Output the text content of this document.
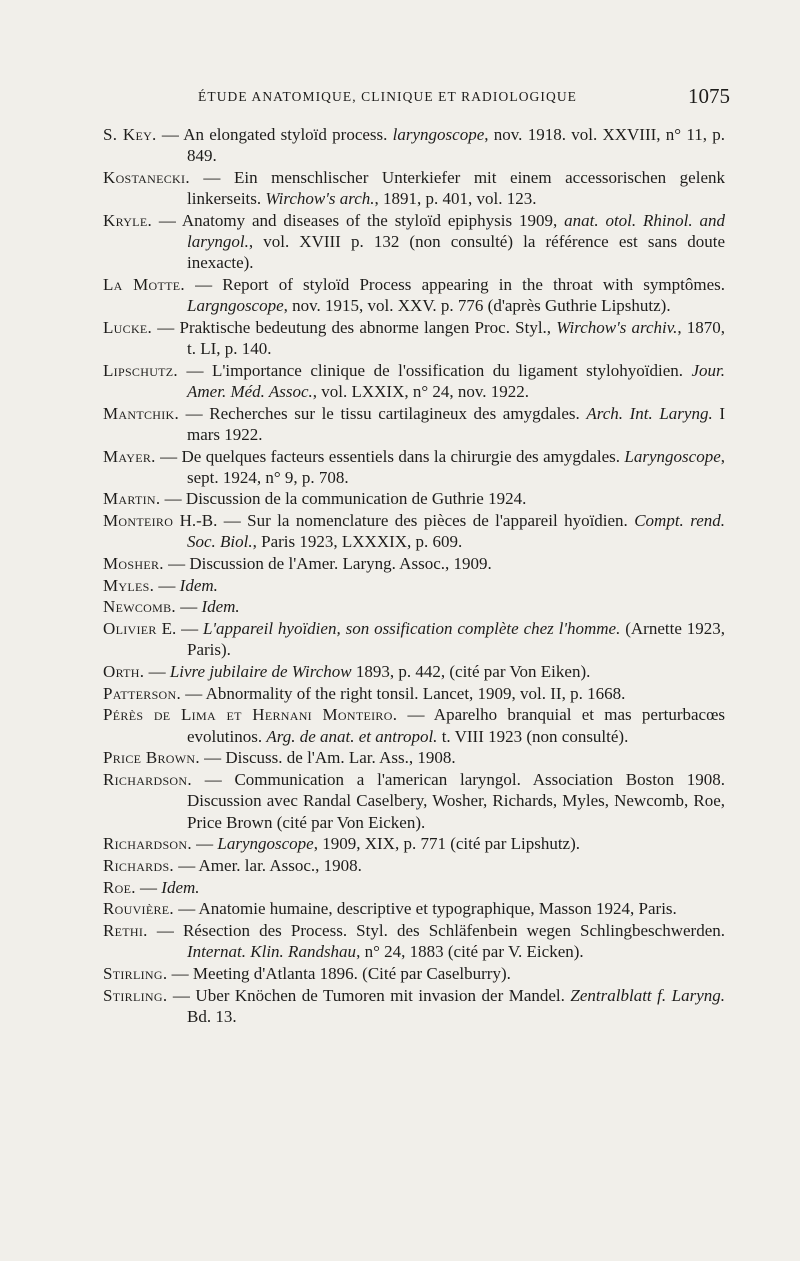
ÉTUDE ANATOMIQUE, CLINIQUE ET RADIOLOGIQUE	1075

S. Key. — An elongated styloïd process. laryngoscope, nov. 1918. vol. XXVIII, n° 11, p. 849.

Kostanecki. — Ein menschlischer Unterkiefer mit einem accessorischen gelenk linkerseits. Wirchow's arch., 1891, p. 401, vol. 123.

Kryle. — Anatomy and diseases of the styloïd epiphysis 1909, anat. otol. Rhinol. and laryngol., vol. XVIII p. 132 (non consulté) la référence est sans doute inexacte).

La Motte. — Report of styloïd Process appearing in the throat with symptômes. Largngoscope, nov. 1915, vol. XXV. p. 776 (d'après Guthrie Lipshutz).

Lucke. — Praktische bedeutung des abnorme langen Proc. Styl., Wirchow's archiv., 1870, t. LI, p. 140.

Lipschutz. — L'importance clinique de l'ossification du ligament stylohyoïdien. Jour. Amer. Méd. Assoc., vol. LXXIX, n° 24, nov. 1922.

Mantchik. — Recherches sur le tissu cartilagineux des amygdales. Arch. Int. Laryng. I mars 1922.

Mayer. — De quelques facteurs essentiels dans la chirurgie des amygdales. Laryngoscope, sept. 1924, n° 9, p. 708.

Martin. — Discussion de la communication de Guthrie 1924.

Monteiro H.-B. — Sur la nomenclature des pièces de l'appareil hyoïdien. Compt. rend. Soc. Biol., Paris 1923, LXXXIX, p. 609.

Mosher. — Discussion de l'Amer. Laryng. Assoc., 1909.

Myles. — Idem.

Newcomb. — Idem.

Olivier E. — L'appareil hyoïdien, son ossification complète chez l'homme. (Arnette 1923, Paris).

Orth. — Livre jubilaire de Wirchow 1893, p. 442, (cité par Von Eiken).

Patterson. — Abnormality of the right tonsil. Lancet, 1909, vol. II, p. 1668.

Pérès de Lima et Hernani Monteiro. — Aparelho branquial et mas perturbacœs evolutinos. Arg. de anat. et antropol. t. VIII 1923 (non consulté).

Price Brown. — Discuss. de l'Am. Lar. Ass., 1908.

Richardson. — Communication a l'american laryngol. Association Boston 1908. Discussion avec Randal Caselbery, Wosher, Richards, Myles, Newcomb, Roe, Price Brown (cité par Von Eicken).

Richardson. — Laryngoscope, 1909, XIX, p. 771 (cité par Lipshutz).

Richards. — Amer. lar. Assoc., 1908.

Roe. — Idem.

Rouvière. — Anatomie humaine, descriptive et typographique, Masson 1924, Paris.

Rethi. — Résection des Process. Styl. des Schläfenbein wegen Schlingbeschwerden. Internat. Klin. Randshau, n° 24, 1883 (cité par V. Eicken).

Stirling. — Meeting d'Atlanta 1896. (Cité par Caselburry).

Stirling. — Uber Knöchen de Tumoren mit invasion der Mandel. Zentralblatt f. Laryng. Bd. 13.
